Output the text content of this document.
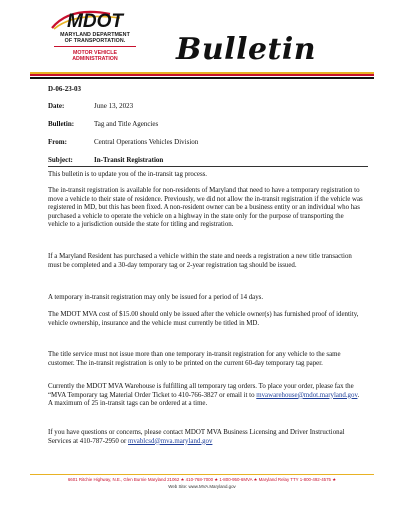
MDOT
MARYLAND DEPARTMENT
OF TRANSPORTATION.
MOTOR VEHICLE
ADMINISTRATION	Bulletin
D-06-23-03
Date:	June 13, 2023
Bulletin:	Tag and Title Agencies
From:	Central Operations Vehicles Division
Subject:	In-Transit Registration

This bulletin is to update you of the in-transit tag process.

The in-transit registration is available for non-residents of Maryland that need to have a temporary registration to move a vehicle to their state of residence. Previously, we did not allow the in-transit registration if the vehicle was registered in MD, but this has been fixed. A non-resident owner can be a business entity or an individual who has purchased a vehicle to operate the vehicle on a highway in the state only for the purpose of transporting the vehicle to a jurisdiction outside the state for titling and registration.

If a Maryland Resident has purchased a vehicle within the state and needs a registration a new title transaction must be completed and a 30-day temporary tag or 2-year registration tag should be issued.

A temporary in-transit registration may only be issued for a period of 14 days.

The MDOT MVA cost of $15.00 should only be issued after the vehicle owner(s) has furnished proof of identity, vehicle ownership, insurance and the vehicle must currently be titled in MD.

The title service must not issue more than one temporary in-transit registration for any vehicle to the same customer. The in-transit registration is only to be printed on the current 60-day temporary tag paper.

Currently the MDOT MVA Warehouse is fulfilling all temporary tag orders. To place your order, please fax the “MVA Temporary tag Material Order Ticket to 410-766-3827 or email it to mvawarehouse@mdot.maryland.gov. A maximum of 25 in-transit tags can be ordered at a time.

If you have questions or concerns, please contact MDOT MVA Business Licensing and Driver Instructional Services at 410-787-2950 or mvablcsd@mva.maryland.gov

6601 Ritchie Highway, N.E., Glen Burnie Maryland 21062 ★ 410-768-7000 ★ 1-800-950-6MVA ★ Maryland Relay TTY 1-800-492-4575 ★
Web Site: www.MVA.Maryland.gov
